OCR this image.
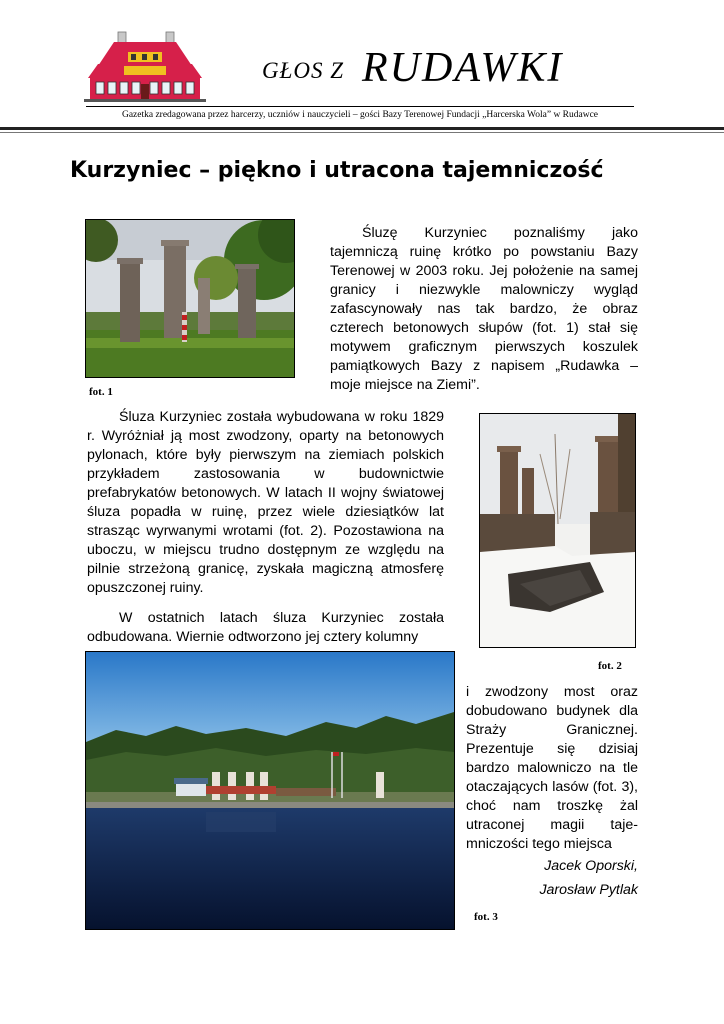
GŁOS Z RUDAWKI
Gazetka zredagowana przez harcerzy, uczniów i nauczycieli – gości Bazy Terenowej Fundacji „Harcerska Wola” w Rudawce
Kurzyniec – piękno i utracona tajemniczość
fot. 1
fot. 2
fot. 3
Śluzę Kurzyniec poznaliśmy jako tajemniczą ruinę krótko po powstaniu Bazy Terenowej w 2003 roku. Jej położenie na samej granicy i niezwykle malowniczy wygląd zafascynowały nas tak bardzo, że obraz czterech betonowych słupów (fot. 1) stał się motywem graficznym pierwszych koszulek pamiątkowych Bazy z napisem „Rudawka – moje miejsce na Ziemi”.
Śluza Kurzyniec została wybudowana w roku 1829 r. Wyróżniał ją most zwodzony, oparty na betonowych pylonach, które były pierwszym na ziemiach polskich przykładem zastosowania w budownictwie prefabrykatów betonowych. W latach II wojny światowej śluza popadła w ruinę, przez wiele dziesiątków lat strasząc wyrwanymi wrotami (fot. 2). Pozostawiona na uboczu, w miejscu trudno dostępnym ze względu na pilnie strzeżoną granicę, zyskała magiczną atmosferę opuszczonej ruiny.
W ostatnich latach śluza Kurzyniec została odbudowana. Wiernie odtworzono jej cztery kolumny
i zwodzony most oraz dobudowano budynek dla Straży Granicznej. Prezentuje się dzisiaj bardzo malowniczo na tle otaczających lasów (fot. 3), choć nam troszkę żal utraconej magii taje-mniczości tego miejsca
Jacek Oporski,
Jarosław Pytlak
